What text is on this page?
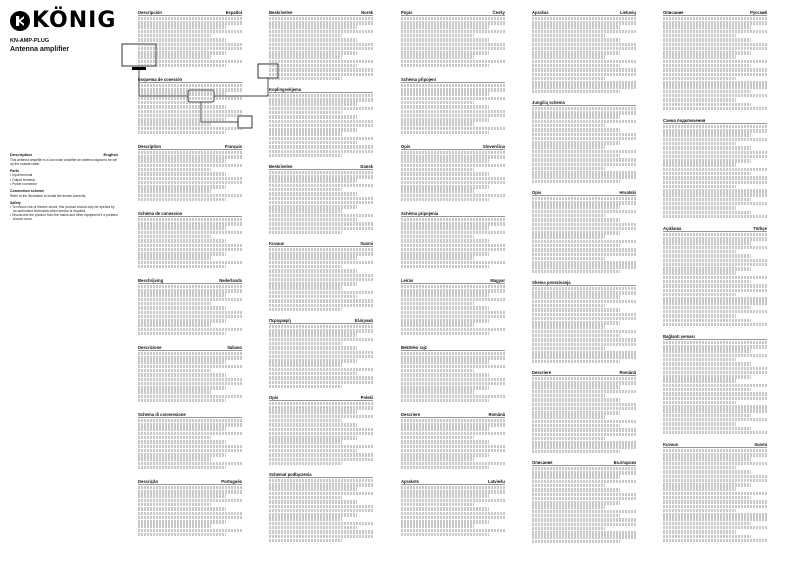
KÖNIG
KN-AMP-PLUG
Antenna amplifier
Description	English
This antenna amplifier is a low noise amplifier an antenna signal to be set up the coaxial cable.
Parts
• Input terminal
• Output terminal
• Power connector
Connection scheme
Refer to the illustration to install the device correctly.
Safety
• To reduce risk of electric shock, this product should only be opened by an authorized technician when service is required.
• Disconnect the product from the mains and other equipment if a problem should occur.
Descripción	Español
Esquema de conexión
Description	Français
Schéma de connexion
Beschrijving	Nederlands
Descrizione	Italiano
Schema di connessione
Descrição	Português
Beskrivelse	Norsk
Koplingsskjema
Beskrivelse	Dansk
Kuvaus	Suomi
Περιγραφή	Ελληνικά
Opis	Polski
Schemat podłączenia
Popis	Česky
Schéma připojení
Opis	Slovenčina
Schéma pripojenia
Leírás	Magyar
Bekötési rajz
Descriere	Română
Apraksts	Latviešu
Aprašas	Lietuvių
Jungčių schema
Opis	Hrvatski
Shema povezivanja
Descriere	Română
Описание	Български
Описание	Русский
Схема подключения
Açıklama	Türkçe
Bağlantı şeması
Kuvaus	Suomi
